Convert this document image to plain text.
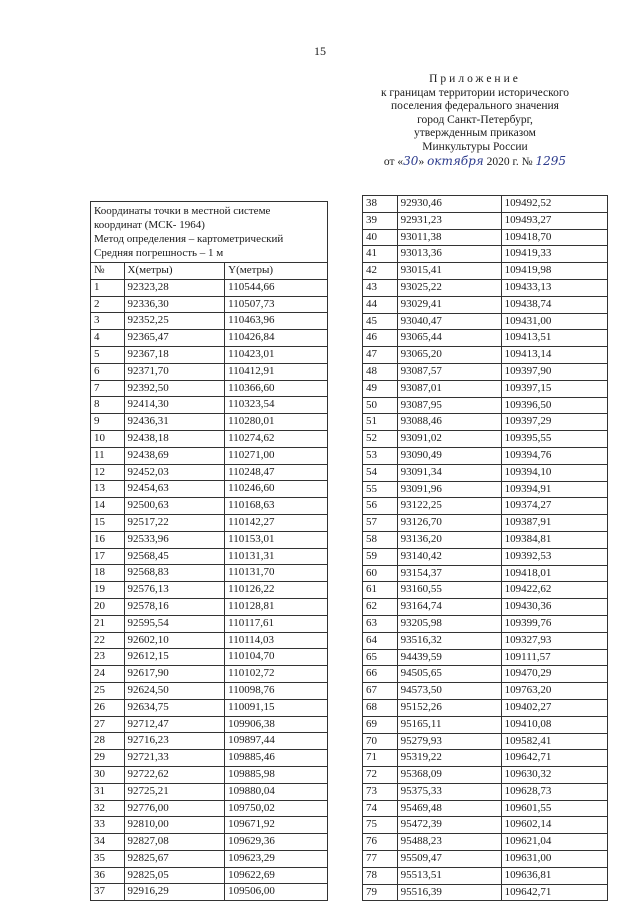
15
Приложение
к границам территории исторического
поселения федерального значения
город Санкт-Петербург,
утвержденным приказом
Минкультуры России
от «30» октября 2020 г. № 1295
Координаты точки в местной системе
координат (МСК- 1964)
Метод определения – картометрический
Средняя погрешность – 1 м		

№	X(метры)	Y(метры)
1	92323,28	110544,66
2	92336,30	110507,73
3	92352,25	110463,96
4	92365,47	110426,84
5	92367,18	110423,01
6	92371,70	110412,91
7	92392,50	110366,60
8	92414,30	110323,54
9	92436,31	110280,01
10	92438,18	110274,62
11	92438,69	110271,00
12	92452,03	110248,47
13	92454,63	110246,60
14	92500,63	110168,63
15	92517,22	110142,27
16	92533,96	110153,01
17	92568,45	110131,31
18	92568,83	110131,70
19	92576,13	110126,22
20	92578,16	110128,81
21	92595,54	110117,61
22	92602,10	110114,03
23	92612,15	110104,70
24	92617,90	110102,72
25	92624,50	110098,76
26	92634,75	110091,15
27	92712,47	109906,38
28	92716,23	109897,44
29	92721,33	109885,46
30	92722,62	109885,98
31	92725,21	109880,04
32	92776,00	109750,02
33	92810,00	109671,92
34	92827,08	109629,36
35	92825,67	109623,29
36	92825,05	109622,69
37	92916,29	109506,00
38	92930,46	109492,52
39	92931,23	109493,27
40	93011,38	109418,70
41	93013,36	109419,33
42	93015,41	109419,98
43	93025,22	109433,13
44	93029,41	109438,74
45	93040,47	109431,00
46	93065,44	109413,51
47	93065,20	109413,14
48	93087,57	109397,90
49	93087,01	109397,15
50	93087,95	109396,50
51	93088,46	109397,29
52	93091,02	109395,55
53	93090,49	109394,76
54	93091,34	109394,10
55	93091,96	109394,91
56	93122,25	109374,27
57	93126,70	109387,91
58	93136,20	109384,81
59	93140,42	109392,53
60	93154,37	109418,01
61	93160,55	109422,62
62	93164,74	109430,36
63	93205,98	109399,76
64	93516,32	109327,93
65	94439,59	109111,57
66	94505,65	109470,29
67	94573,50	109763,20
68	95152,26	109402,27
69	95165,11	109410,08
70	95279,93	109582,41
71	95319,22	109642,71
72	95368,09	109630,32
73	95375,33	109628,73
74	95469,48	109601,55
75	95472,39	109602,14
76	95488,23	109621,04
77	95509,47	109631,00
78	95513,51	109636,81
79	95516,39	109642,71
